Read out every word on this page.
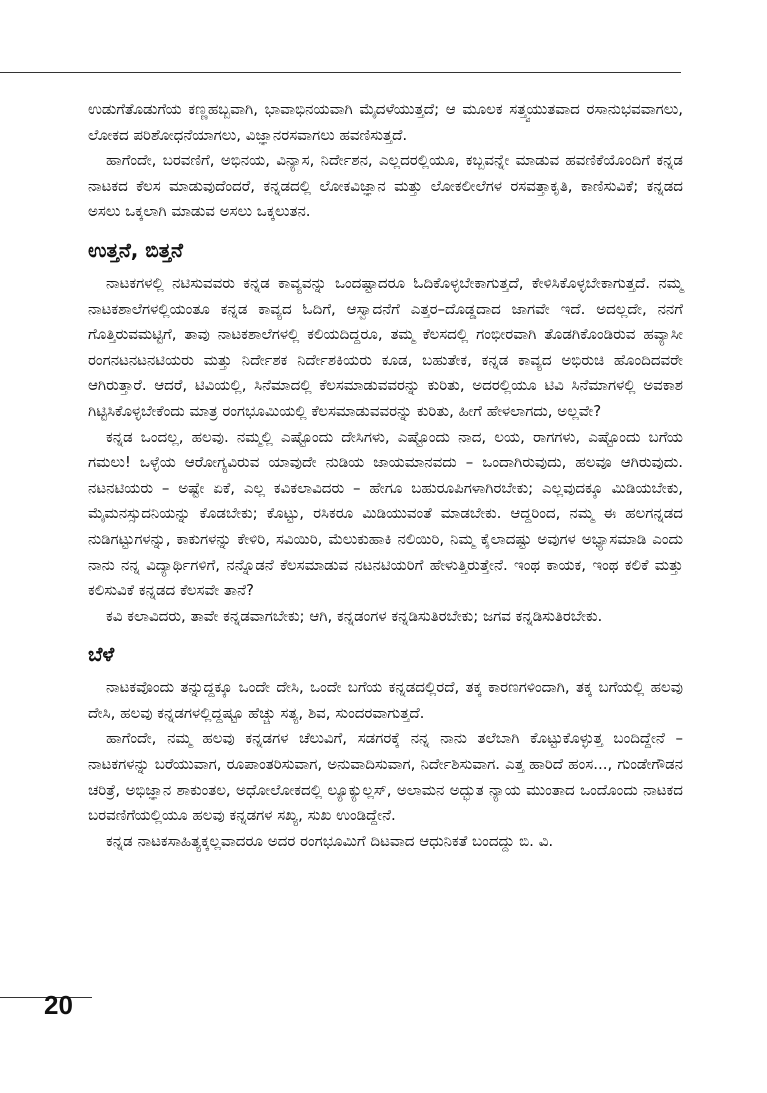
ಉಡುಗೆತೊಡುಗೆಯ ಕಣ್ಣಹಬ್ಬವಾಗಿ, ಭಾವಾಭಿನಯವಾಗಿ ಮೈದಳೆಯುತ್ತದೆ; ಆ ಮೂಲಕ ಸತ್ತ್ವಯುತವಾದ ರಸಾನುಭವವಾಗಲು, ಲೋಕದ ಪರಿಶೋಧನೆಯಾಗಲು, ವಿಜ್ಞಾನರಸವಾಗಲು ಹವಣಿಸುತ್ತದೆ.

ಹಾಗೆಂದೇ, ಬರವಣಿಗೆ, ಅಭಿನಯ, ವಿನ್ಯಾಸ, ನಿರ್ದೇಶನ, ಎಲ್ಲದರಲ್ಲಿಯೂ, ಕಬ್ಬವನ್ನೇ ಮಾಡುವ ಹವಣಿಕೆಯೊಂದಿಗೆ ಕನ್ನಡ ನಾಟಕದ ಕೆಲಸ ಮಾಡುವುದೆಂದರೆ, ಕನ್ನಡದಲ್ಲಿ ಲೋಕವಿಜ್ಞಾನ ಮತ್ತು ಲೋಕಲೀಲೆಗಳ ರಸವತ್ತಾಕೃತಿ, ಕಾಣಿಸುವಿಕೆ; ಕನ್ನಡದ ಅಸಲು ಒಕ್ಕಲಾಗಿ ಮಾಡುವ ಅಸಲು ಒಕ್ಕಲುತನ.

ಉತ್ತನೆ, ಬಿತ್ತನೆ

ನಾಟಕಗಳಲ್ಲಿ ನಟಿಸುವವರು ಕನ್ನಡ ಕಾವ್ಯವನ್ನು ಒಂದಷ್ಟಾದರೂ ಓದಿಕೊಳ್ಳಬೇಕಾಗುತ್ತದೆ, ಕೇಳಿಸಿಕೊಳ್ಳಬೇಕಾಗುತ್ತದೆ. ನಮ್ಮ ನಾಟಕಶಾಲೆಗಳಲ್ಲಿಯಂತೂ ಕನ್ನಡ ಕಾವ್ಯದ ಓದಿಗೆ, ಆಸ್ವಾದನೆಗೆ ಎತ್ತರ–ದೊಡ್ಡದಾದ ಜಾಗವೇ ಇದೆ. ಅದಲ್ಲದೇ, ನನಗೆ ಗೊತ್ತಿರುವಮಟ್ಟಿಗೆ, ತಾವು ನಾಟಕಶಾಲೆಗಳಲ್ಲಿ ಕಲಿಯದಿದ್ದರೂ, ತಮ್ಮ ಕೆಲಸದಲ್ಲಿ ಗಂಭೀರವಾಗಿ ತೊಡಗಿಕೊಂಡಿರುವ ಹವ್ಯಾಸೀ ರಂಗನಟನಟನಟಿಯರು ಮತ್ತು ನಿರ್ದೇಶಕ ನಿರ್ದೇಶಕಿಯರು ಕೂಡ, ಬಹುತೇಕ, ಕನ್ನಡ ಕಾವ್ಯದ ಅಭಿರುಚಿ ಹೊಂದಿದವರೇ ಆಗಿರುತ್ತಾರೆ. ಆದರೆ, ಟಿವಿಯಲ್ಲಿ, ಸಿನೆಮಾದಲ್ಲಿ ಕೆಲಸಮಾಡುವವರನ್ನು ಕುರಿತು, ಅದರಲ್ಲಿಯೂ ಟಿವಿ ಸಿನೆಮಾಗಳಲ್ಲಿ ಅವಕಾಶ ಗಿಟ್ಟಿಸಿಕೊಳ್ಳಬೇಕೆಂದು ಮಾತ್ರ ರಂಗಭೂಮಿಯಲ್ಲಿ ಕೆಲಸಮಾಡುವವರನ್ನು ಕುರಿತು, ಹೀಗೆ ಹೇಳಲಾಗದು, ಅಲ್ಲವೇ?

ಕನ್ನಡ ಒಂದಲ್ಲ, ಹಲವು. ನಮ್ಮಲ್ಲಿ ಎಷ್ಟೊಂದು ದೇಸಿಗಳು, ಎಷ್ಟೊಂದು ನಾದ, ಲಯ, ರಾಗಗಳು, ಎಷ್ಟೊಂದು ಬಗೆಯ ಗಮಲು! ಒಳ್ಳೆಯ ಆರೋಗ್ಯವಿರುವ ಯಾವುದೇ ನುಡಿಯ ಜಾಯಮಾನವದು – ಒಂದಾಗಿರುವುದು, ಹಲವೂ ಆಗಿರುವುದು. ನಟನಟಿಯರು – ಅಷ್ಟೇ ಏಕೆ, ಎಲ್ಲ ಕವಿಕಲಾವಿದರು – ಹೇಗೂ ಬಹುರೂಪಿಗಳಾಗಿರಬೇಕು; ಎಲ್ಲವುದಕ್ಕೂ ಮಿಡಿಯಬೇಕು, ಮೈಮನಸ್ಸುದನಿಯನ್ನು ಕೊಡಬೇಕು; ಕೊಟ್ಟು, ರಸಿಕರೂ ಮಿಡಿಯುವಂತೆ ಮಾಡಬೇಕು. ಆದ್ದರಿಂದ, ನಮ್ಮ ಈ ಹಲಗನ್ನಡದ ನುಡಿಗಟ್ಟುಗಳನ್ನು, ಕಾಕುಗಳನ್ನು ಕೇಳಿರಿ, ಸವಿಯಿರಿ, ಮೆಲುಕುಹಾಕಿ ನಲಿಯಿರಿ, ನಿಮ್ಮ ಕೈಲಾದಷ್ಟು ಅವುಗಳ ಅಭ್ಯಾಸಮಾಡಿ ಎಂದು ನಾನು ನನ್ನ ವಿದ್ಯಾರ್ಥಿಗಳಿಗೆ, ನನ್ನೊಡನೆ ಕೆಲಸಮಾಡುವ ನಟನಟಿಯರಿಗೆ ಹೇಳುತ್ತಿರುತ್ತೇನೆ. ಇಂಥ ಕಾಯಕ, ಇಂಥ ಕಲಿಕೆ ಮತ್ತು ಕಲಿಸುವಿಕೆ ಕನ್ನಡದ ಕೆಲಸವೇ ತಾನೆ?

ಕವಿ ಕಲಾವಿದರು, ತಾವೇ ಕನ್ನಡವಾಗಬೇಕು; ಆಗಿ, ಕನ್ನಡಂಗಳ ಕನ್ನಡಿಸುತಿರಬೇಕು; ಜಗವ ಕನ್ನಡಿಸುತಿರಬೇಕು.

ಬೆಳೆ

ನಾಟಕವೊಂದು ತನ್ನುದ್ದಕ್ಕೂ ಒಂದೇ ದೇಸಿ, ಒಂದೇ ಬಗೆಯ ಕನ್ನಡದಲ್ಲಿರದೆ, ತಕ್ಕ ಕಾರಣಗಳಿಂದಾಗಿ, ತಕ್ಕ ಬಗೆಯಲ್ಲಿ ಹಲವು ದೇಸಿ, ಹಲವು ಕನ್ನಡಗಳಲ್ಲಿದ್ದಷ್ಟೂ ಹೆಚ್ಚು ಸತ್ಯ, ಶಿವ, ಸುಂದರವಾಗುತ್ತದೆ.

ಹಾಗೆಂದೇ, ನಮ್ಮ ಹಲವು ಕನ್ನಡಗಳ ಚೆಲುವಿಗೆ, ಸಡಗರಕ್ಕೆ ನನ್ನ ನಾನು ತಲೆಬಾಗಿ ಕೊಟ್ಟುಕೊಳ್ಳುತ್ತ ಬಂದಿದ್ದೇನೆ – ನಾಟಕಗಳನ್ನು ಬರೆಯುವಾಗ, ರೂಪಾಂತರಿಸುವಾಗ, ಅನುವಾದಿಸುವಾಗ, ನಿರ್ದೇಶಿಸುವಾಗ. ಎತ್ತ ಹಾರಿದೆ ಹಂಸ..., ಗುಂಡೇಗೌಡನ ಚರಿತ್ರೆ, ಅಭಿಜ್ಞಾನ ಶಾಕುಂತಲ, ಅಧೋಲೋಕದಲ್ಲಿ ಲ್ಯೂಕ್ಯುಲ್ಲಸ್, ಅಲಾಮನ ಅದ್ಭುತ ನ್ಯಾಯ ಮುಂತಾದ ಒಂದೊಂದು ನಾಟಕದ ಬರವಣಿಗೆಯಲ್ಲಿಯೂ ಹಲವು ಕನ್ನಡಗಳ ಸಖ್ಯ, ಸುಖ ಉಂಡಿದ್ದೇನೆ.

ಕನ್ನಡ ನಾಟಕಸಾಹಿತ್ಯಕ್ಕಲ್ಲವಾದರೂ ಅದರ ರಂಗಭೂಮಿಗೆ ದಿಟವಾದ ಆಧುನಿಕತೆ ಬಂದದ್ದು ಬಿ. ವಿ.

20
